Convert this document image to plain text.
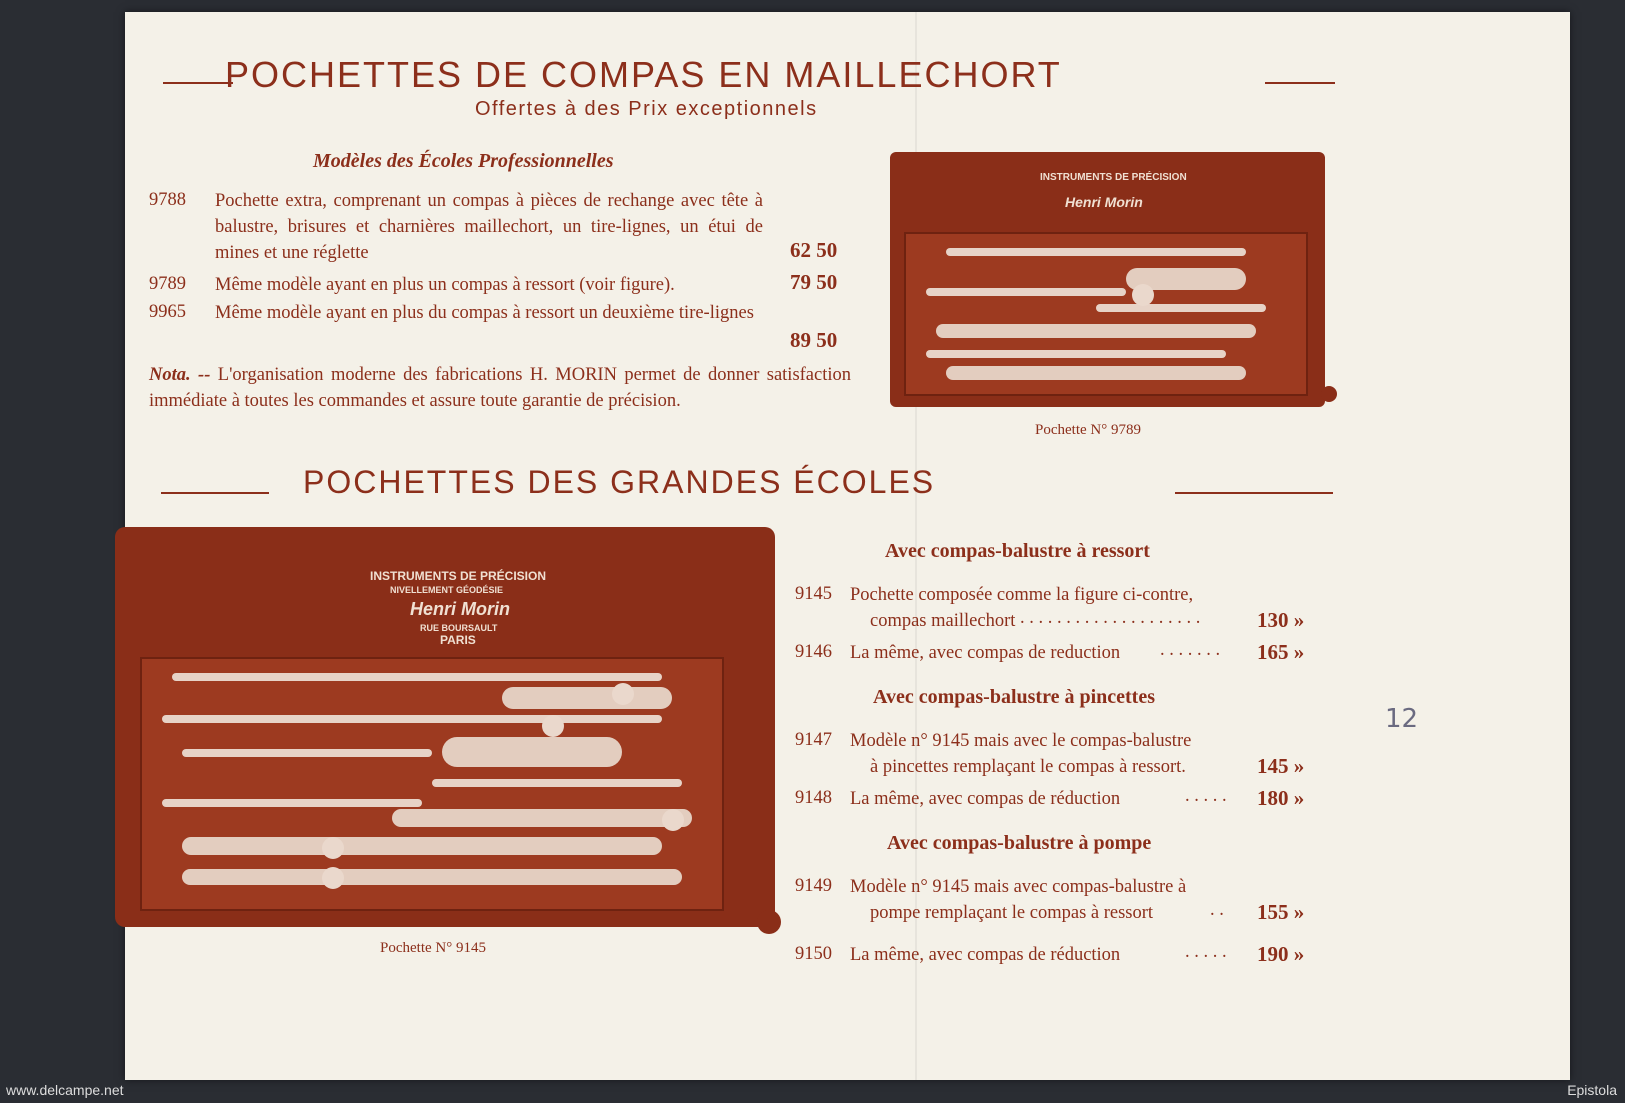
POCHETTES DE COMPAS EN MAILLECHORT
Offertes à des Prix exceptionnels
Modèles des Écoles Professionnelles
9788 Pochette extra, comprenant un compas à pièces de rechange avec tête à balustre, brisures et charnières maillechort, un tire-lignes, un étui de mines et une réglette	62 50
9789 Même modèle ayant en plus un compas à ressort (voir figure).	79 50
9965 Même modèle ayant en plus du compas à ressort un deuxième tire-lignes
89 50
Nota. -- L'organisation moderne des fabrications H. MORIN permet de donner satisfaction immédiate à toutes les commandes et assure toute garantie de précision.
INSTRUMENTS DE PRÉCISION
Henri Morin
Pochette N° 9789
POCHETTES DES GRANDES ÉCOLES
INSTRUMENTS DE PRÉCISION
NIVELLEMENT GÉODÉSIE
Henri Morin
RUE BOURSAULT
PARIS
Pochette N° 9145
Avec compas-balustre à ressort
9145 Pochette composée comme la figure ci-contre,
compas maillechort . . . . . . . . . . . . . . . . . . . .	130 »
9146 La même, avec compas de reduction	. . . . . . .	165 »
Avec compas-balustre à pincettes
9147 Modèle n° 9145 mais avec le compas-balustre
à pincettes remplaçant le compas à ressort.	145 »
9148 La même, avec compas de réduction	. . . . .	180 »
Avec compas-balustre à pompe
9149 Modèle n° 9145 mais avec compas-balustre à
pompe remplaçant le compas à ressort	. .	155 »
9150 La même, avec compas de réduction	. . . . .	190 »
12
www.delcampe.net	Epistola
